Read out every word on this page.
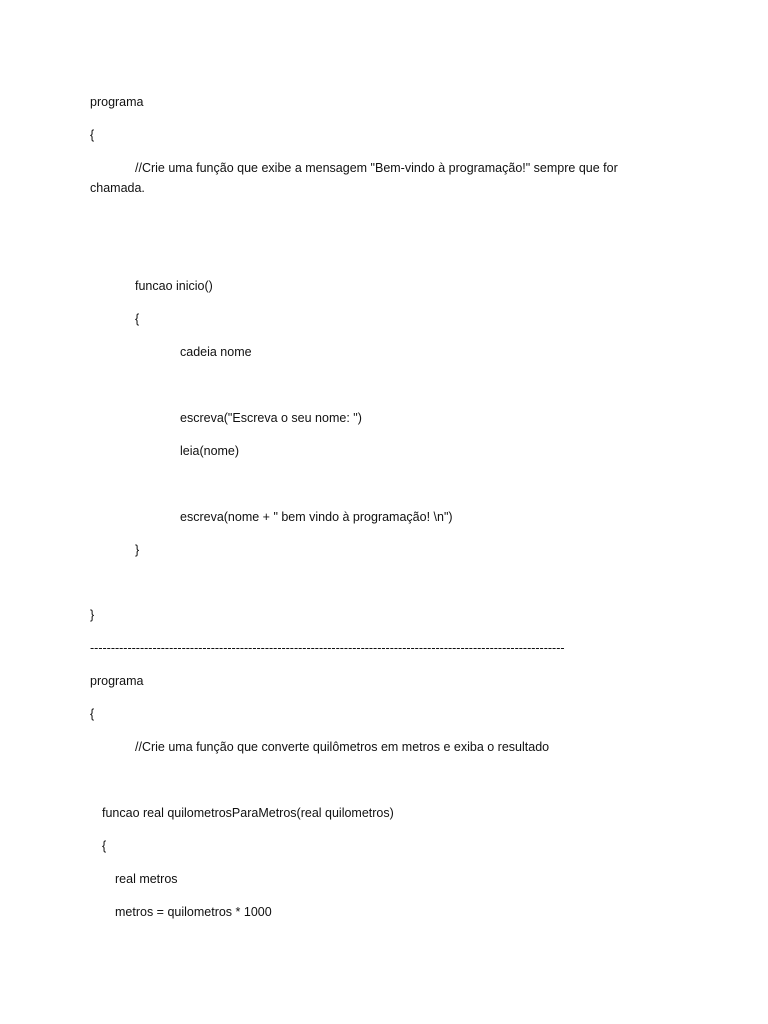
programa

{

//Crie uma função que exibe a mensagem "Bem-vindo à programação!" sempre que for

chamada.

funcao inicio()

{

cadeia nome

escreva("Escreva o seu nome: ")

leia(nome)

escreva(nome + " bem vindo à programação! \n")

}

}

------------------------------------------------------------------------------------------------------------------

programa

{

//Crie uma função que converte quilômetros em metros e exiba o resultado

funcao real quilometrosParaMetros(real quilometros)

{

real metros

metros = quilometros * 1000
